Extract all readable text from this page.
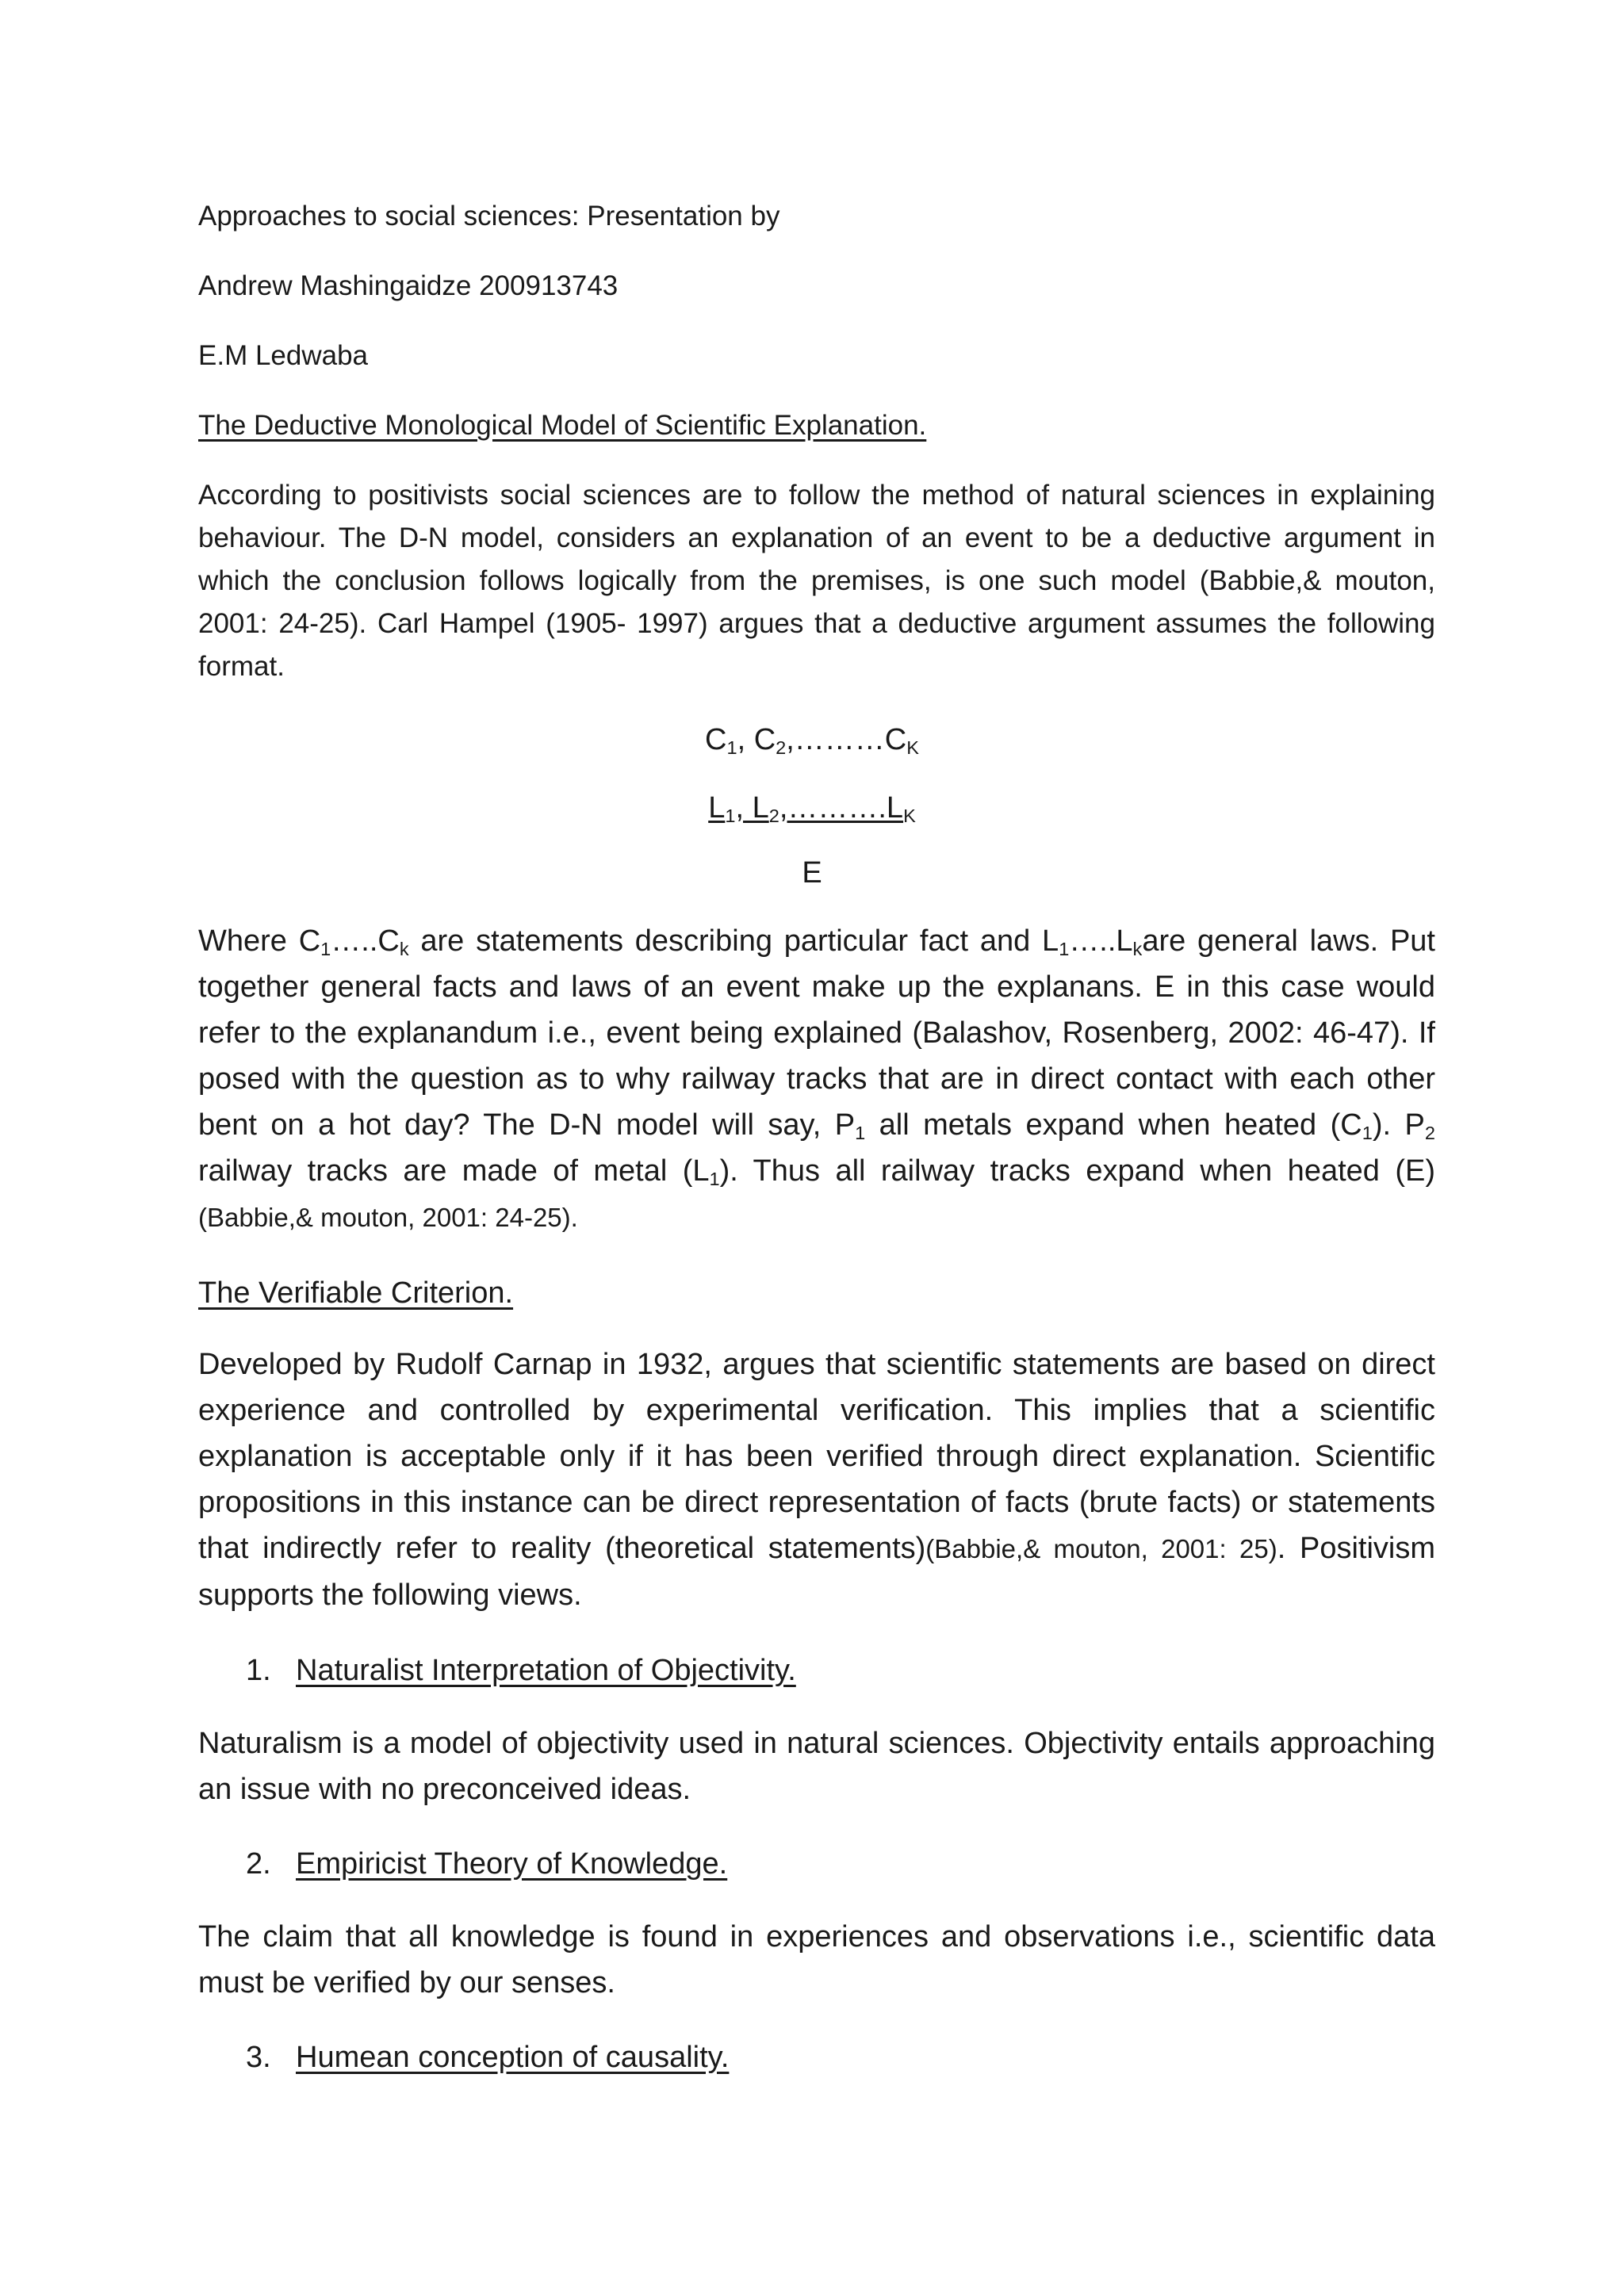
Approaches to social sciences: Presentation by

Andrew Mashingaidze 200913743

E.M Ledwaba

The Deductive Monological Model of Scientific Explanation.

According to positivists social sciences are to follow the method of natural sciences in explaining behaviour. The D-N model, considers an explanation of an event to be a deductive argument in which the conclusion follows logically from the premises, is one such model (Babbie,& mouton, 2001: 24-25). Carl Hampel (1905- 1997) argues that a deductive argument assumes the following format.

$C_1$, $C_2,\dots\dots\dots C_K$

$L_1$, $L_2,\dots\dots\dots.L_K$

E

Where $C_1\dots..C_k$ are statements describing particular fact and $L_1\dots..L_kare$ general laws. Put together general facts and laws of an event make up the explanans. E in this case would refer to the explanandum i.e., event being explained (Balashov, Rosenberg, 2002: 46-47). If posed with the question as to why railway tracks that are in direct contact with each other bent on a hot day? The D-N model will say, $P_1$ all metals expand when heated $(C_1)$. $P_2$ railway tracks are made of metal $(L_1)$. Thus all railway tracks expand when heated (E) (Babbie,& mouton, 2001: 24-25).

The Verifiable Criterion.

Developed by Rudolf Carnap in 1932, argues that scientific statements are based on direct experience and controlled by experimental verification. This implies that a scientific explanation is acceptable only if it has been verified through direct explanation. Scientific propositions in this instance can be direct representation of facts (brute facts) or statements that indirectly refer to reality (theoretical statements)(Babbie,& mouton, 2001: 25). Positivism supports the following views.

1. Naturalist Interpretation of Objectivity.

Naturalism is a model of objectivity used in natural sciences. Objectivity entails approaching an issue with no preconceived ideas.

2. Empiricist Theory of Knowledge.

The claim that all knowledge is found in experiences and observations i.e., scientific data must be verified by our senses.

3. Humean conception of causality.
